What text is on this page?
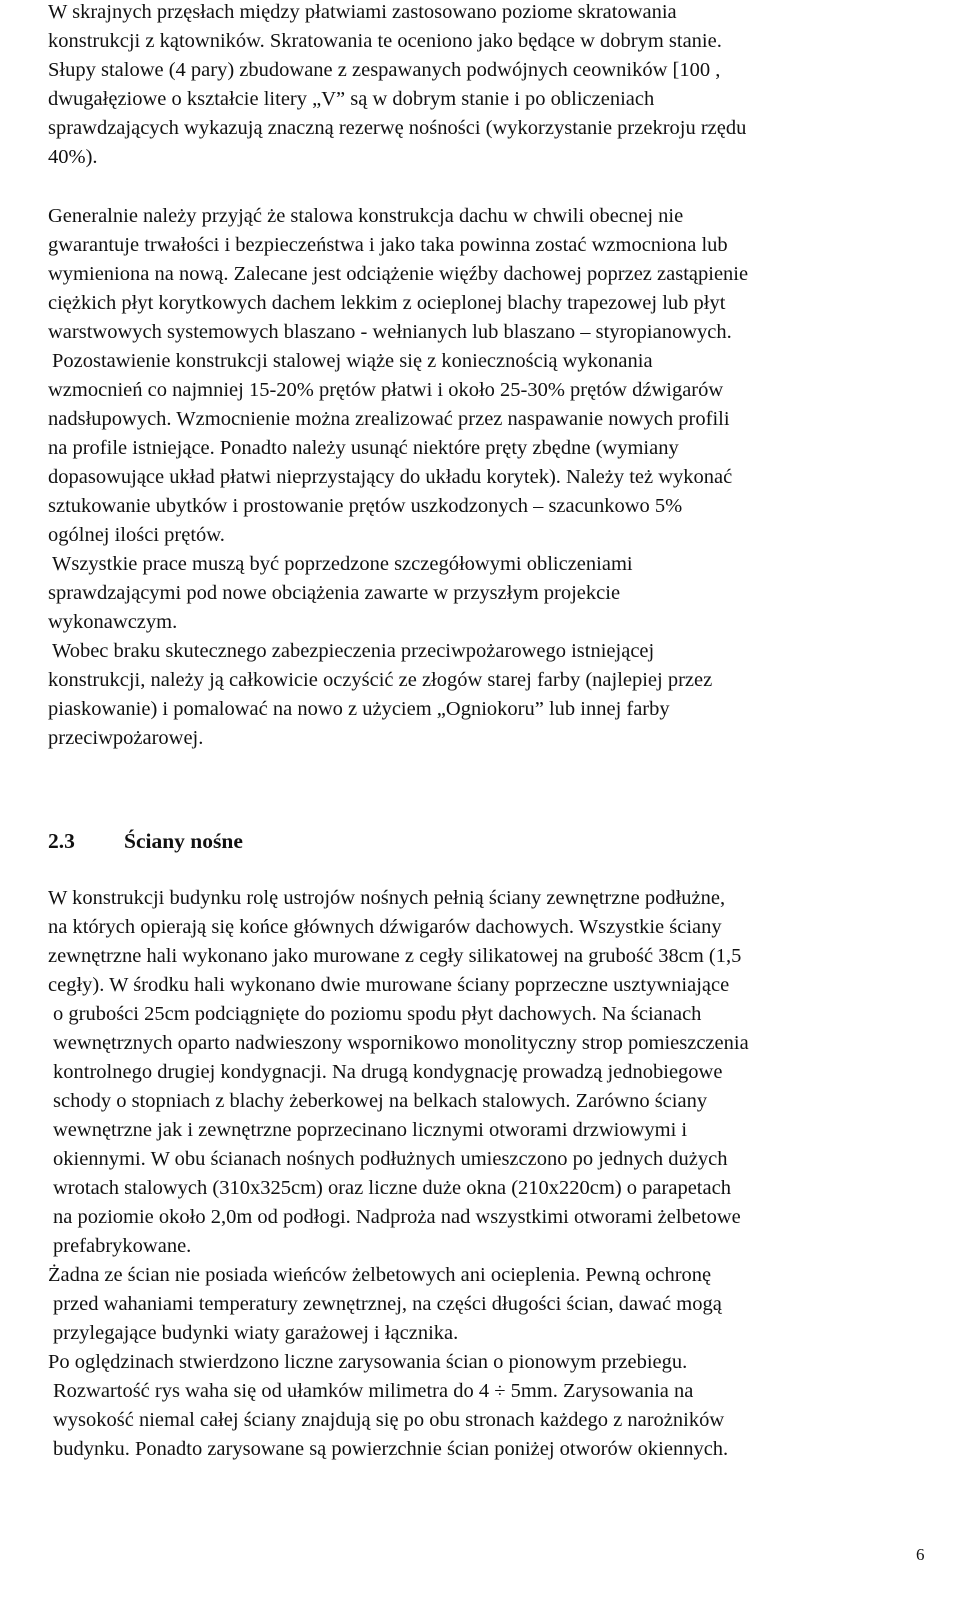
W skrajnych przęsłach między płatwiami zastosowano poziome skratowania
konstrukcji z kątowników. Skratowania te oceniono jako będące w dobrym stanie.
Słupy stalowe (4 pary) zbudowane z zespawanych podwójnych ceowników [100 ,
dwugałęziowe o kształcie litery „V” są w dobrym stanie i po obliczeniach
sprawdzających wykazują znaczną rezerwę nośności (wykorzystanie przekroju rzędu
40%).
Generalnie należy przyjąć że stalowa konstrukcja dachu w chwili obecnej nie
gwarantuje trwałości i bezpieczeństwa i jako taka powinna zostać wzmocniona lub
wymieniona na nową. Zalecane jest odciążenie więźby dachowej poprzez zastąpienie
ciężkich płyt korytkowych dachem lekkim z ocieplonej blachy trapezowej lub płyt
warstwowych systemowych blaszano - wełnianych lub blaszano – styropianowych.
Pozostawienie konstrukcji stalowej wiąże się z koniecznością wykonania
wzmocnień co najmniej 15-20% prętów płatwi i około 25-30% prętów dźwigarów
nadsłupowych. Wzmocnienie można zrealizować przez naspawanie nowych profili
na profile istniejące. Ponadto należy usunąć niektóre pręty zbędne (wymiany
dopasowujące układ płatwi nieprzystający do układu korytek). Należy też wykonać
sztukowanie ubytków i prostowanie prętów uszkodzonych – szacunkowo 5%
ogólnej ilości prętów.
Wszystkie prace muszą być poprzedzone szczegółowymi obliczeniami
sprawdzającymi pod nowe obciążenia zawarte w przyszłym projekcie
wykonawczym.
Wobec braku skutecznego zabezpieczenia przeciwpożarowego istniejącej
konstrukcji, należy ją całkowicie oczyścić ze złogów starej farby (najlepiej przez
piaskowanie) i pomalować na nowo z użyciem „Ogniokoru” lub innej farby
przeciwpożarowej.
2.3 Ściany nośne
W konstrukcji budynku rolę ustrojów nośnych pełnią ściany zewnętrzne podłużne,
na których opierają się końce głównych dźwigarów dachowych. Wszystkie ściany
zewnętrzne hali wykonano jako murowane z cegły silikatowej na grubość 38cm (1,5
cegły). W środku hali wykonano dwie murowane ściany poprzeczne usztywniające
o grubości 25cm podciągnięte do poziomu spodu płyt dachowych. Na ścianach
wewnętrznych oparto nadwieszony wspornikowo monolityczny strop pomieszczenia
kontrolnego drugiej kondygnacji. Na drugą kondygnację prowadzą jednobiegowe
schody o stopniach z blachy żeberkowej na belkach stalowych. Zarówno ściany
wewnętrzne jak i zewnętrzne poprzecinano licznymi otworami drzwiowymi i
okiennymi. W obu ścianach nośnych podłużnych umieszczono po jednych dużych
wrotach stalowych (310x325cm) oraz liczne duże okna (210x220cm) o parapetach
na poziomie około 2,0m od podłogi. Nadproża nad wszystkimi otworami żelbetowe
prefabrykowane.
Żadna ze ścian nie posiada wieńców żelbetowych ani ocieplenia. Pewną ochronę
przed wahaniami temperatury zewnętrznej, na części długości ścian, dawać mogą
przylegające budynki wiaty garażowej i łącznika.
Po oględzinach stwierdzono liczne zarysowania ścian o pionowym przebiegu.
Rozwartość rys waha się od ułamków milimetra do 4 ÷ 5mm. Zarysowania na
wysokość niemal całej ściany znajdują się po obu stronach każdego z narożników
budynku. Ponadto zarysowane są powierzchnie ścian poniżej otworów okiennych.
6
